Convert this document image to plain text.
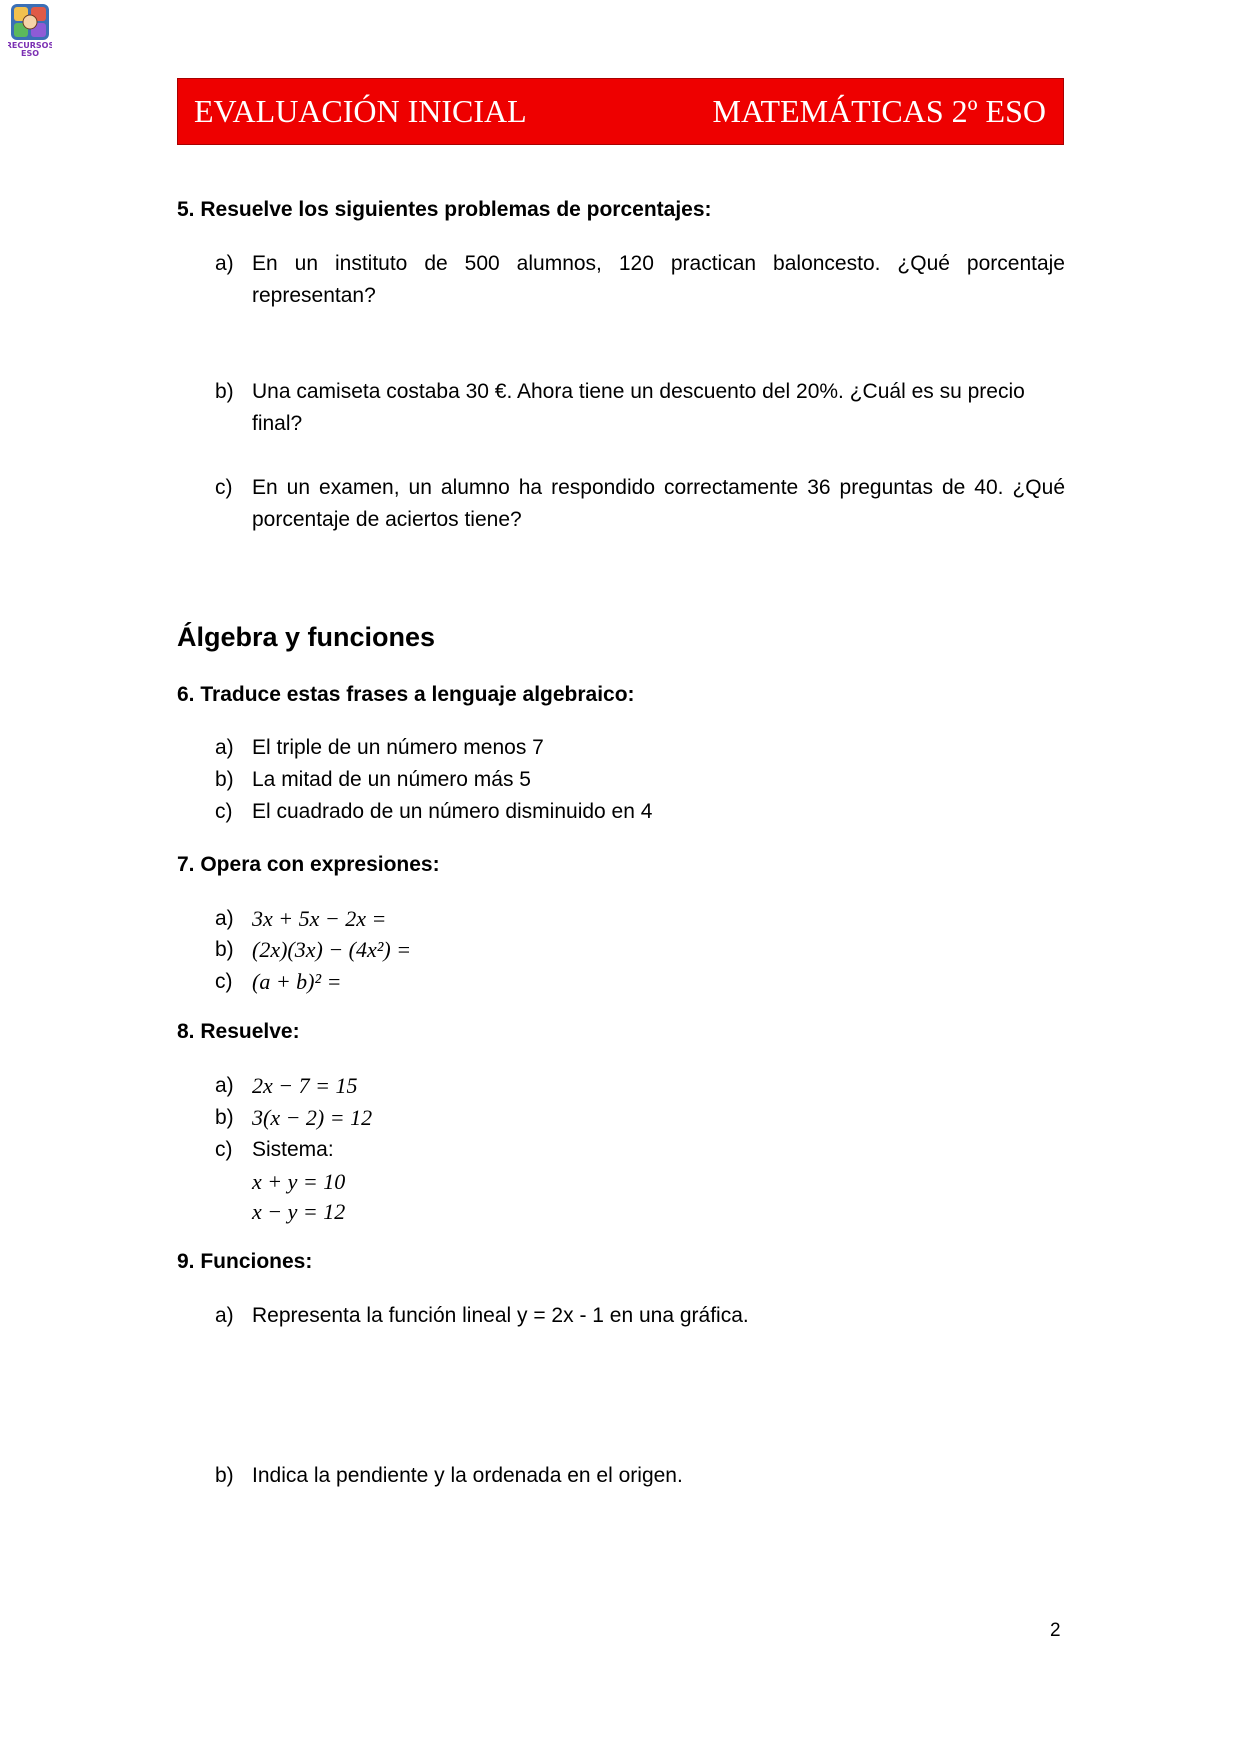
RECURSOS
ESO
EVALUACIÓN INICIAL	MATEMÁTICAS 2º ESO
5. Resuelve los siguientes problemas de porcentajes:
a) En un instituto de 500 alumnos, 120 practican baloncesto. ¿Qué porcentaje representan?
b) Una camiseta costaba 30 €. Ahora tiene un descuento del 20%. ¿Cuál es su precio final?
c) En un examen, un alumno ha respondido correctamente 36 preguntas de 40. ¿Qué porcentaje de aciertos tiene?
Álgebra y funciones
6. Traduce estas frases a lenguaje algebraico:
a) El triple de un número menos 7
b) La mitad de un número más 5
c) El cuadrado de un número disminuido en 4
7. Opera con expresiones:
a) 3x + 5x − 2x =
b) (2x)(3x) − (4x²) =
c) (a + b)² =
8. Resuelve:
a) 2x − 7 = 15
b) 3(x − 2) = 12
c) Sistema:
x + y = 10
x − y = 12
9. Funciones:
a) Representa la función lineal y = 2x - 1 en una gráfica.
b) Indica la pendiente y la ordenada en el origen.
2
